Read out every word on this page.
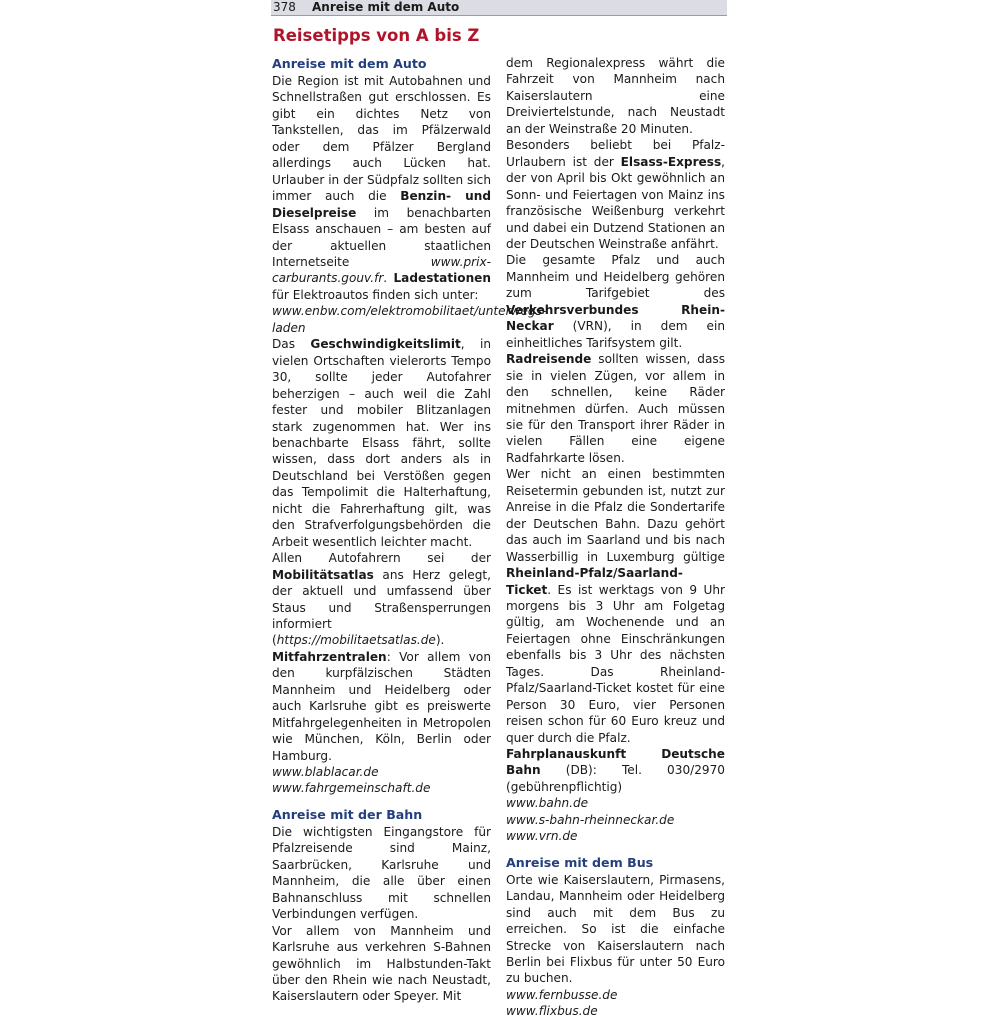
378 Anreise mit dem Auto
Reisetipps von A bis Z
Anreise mit dem Auto

Die Region ist mit Autobahnen und Schnellstraßen gut erschlossen. Es gibt ein dichtes Netz von Tankstellen, das im Pfälzerwald oder dem Pfälzer Bergland allerdings auch Lücken hat. Urlauber in der Südpfalz sollten sich immer auch die Benzin- und Dieselpreise im benachbarten Elsass anschauen – am besten auf der aktuellen staatlichen Internetseite www.prix-carburants.gouv.fr. Ladestationen für Elektroautos finden sich unter:

www.enbw.com/elektromobilitaet/unterwegs-laden

Das Geschwindigkeitslimit, in vielen Ortschaften vielerorts Tempo 30, sollte jeder Autofahrer beherzigen – auch weil die Zahl fester und mobiler Blitzanlagen stark zugenommen hat. Wer ins benachbarte Elsass fährt, sollte wissen, dass dort anders als in Deutschland bei Verstößen gegen das Tempolimit die Halterhaftung, nicht die Fahrerhaftung gilt, was den Strafverfolgungsbehörden die Arbeit wesentlich leichter macht.

Allen Autofahrern sei der Mobilitätsatlas ans Herz gelegt, der aktuell und umfassend über Staus und Straßensperrungen informiert (https://mobilitaetsatlas.de).

Mitfahrzentralen: Vor allem von den kurpfälzischen Städten Mannheim und Heidelberg oder auch Karlsruhe gibt es preiswerte Mitfahrgelegenheiten in Metropolen wie München, Köln, Berlin oder Hamburg.

www.blablacar.de
www.fahrgemeinschaft.de
Anreise mit der Bahn

Die wichtigsten Eingangstore für Pfalzreisende sind Mainz, Saarbrücken, Karlsruhe und Mannheim, die alle über einen Bahnanschluss mit schnellen Verbindungen verfügen.

Vor allem von Mannheim und Karlsruhe aus verkehren S-Bahnen gewöhnlich im Halbstunden-Takt über den Rhein wie nach Neustadt, Kaiserslautern oder Speyer. Mit

dem Regionalexpress währt die Fahrzeit von Mannheim nach Kaiserslautern eine Dreiviertelstunde, nach Neustadt an der Weinstraße 20 Minuten.

Besonders beliebt bei Pfalz-Urlaubern ist der Elsass-Express, der von April bis Okt gewöhnlich an Sonn- und Feiertagen von Mainz ins französische Weißenburg verkehrt und dabei ein Dutzend Stationen an der Deutschen Weinstraße anfährt.

Die gesamte Pfalz und auch Mannheim und Heidelberg gehören zum Tarifgebiet des Verkehrsverbundes Rhein-Neckar (VRN), in dem ein einheitliches Tarifsystem gilt.

Radreisende sollten wissen, dass sie in vielen Zügen, vor allem in den schnellen, keine Räder mitnehmen dürfen. Auch müssen sie für den Transport ihrer Räder in vielen Fällen eine eigene Radfahrkarte lösen.

Wer nicht an einen bestimmten Reisetermin gebunden ist, nutzt zur Anreise in die Pfalz die Sondertarife der Deutschen Bahn. Dazu gehört das auch im Saarland und bis nach Wasserbillig in Luxemburg gültige Rheinland-Pfalz/Saarland-Ticket. Es ist werktags von 9 Uhr morgens bis 3 Uhr am Folgetag gültig, am Wochenende und an Feiertagen ohne Einschränkungen ebenfalls bis 3 Uhr des nächsten Tages. Das Rheinland-Pfalz/Saarland-Ticket kostet für eine Person 30 Euro, vier Personen reisen schon für 60 Euro kreuz und quer durch die Pfalz.

Fahrplanauskunft Deutsche Bahn (DB): Tel. 030/2970 (gebührenpflichtig)

www.bahn.de
www.s-bahn-rheinneckar.de
www.vrn.de
Anreise mit dem Bus

Orte wie Kaiserslautern, Pirmasens, Landau, Mannheim oder Heidelberg sind auch mit dem Bus zu erreichen. So ist die einfache Strecke von Kaiserslautern nach Berlin bei Flixbus für unter 50 Euro zu buchen.

www.fernbusse.de
www.flixbus.de
